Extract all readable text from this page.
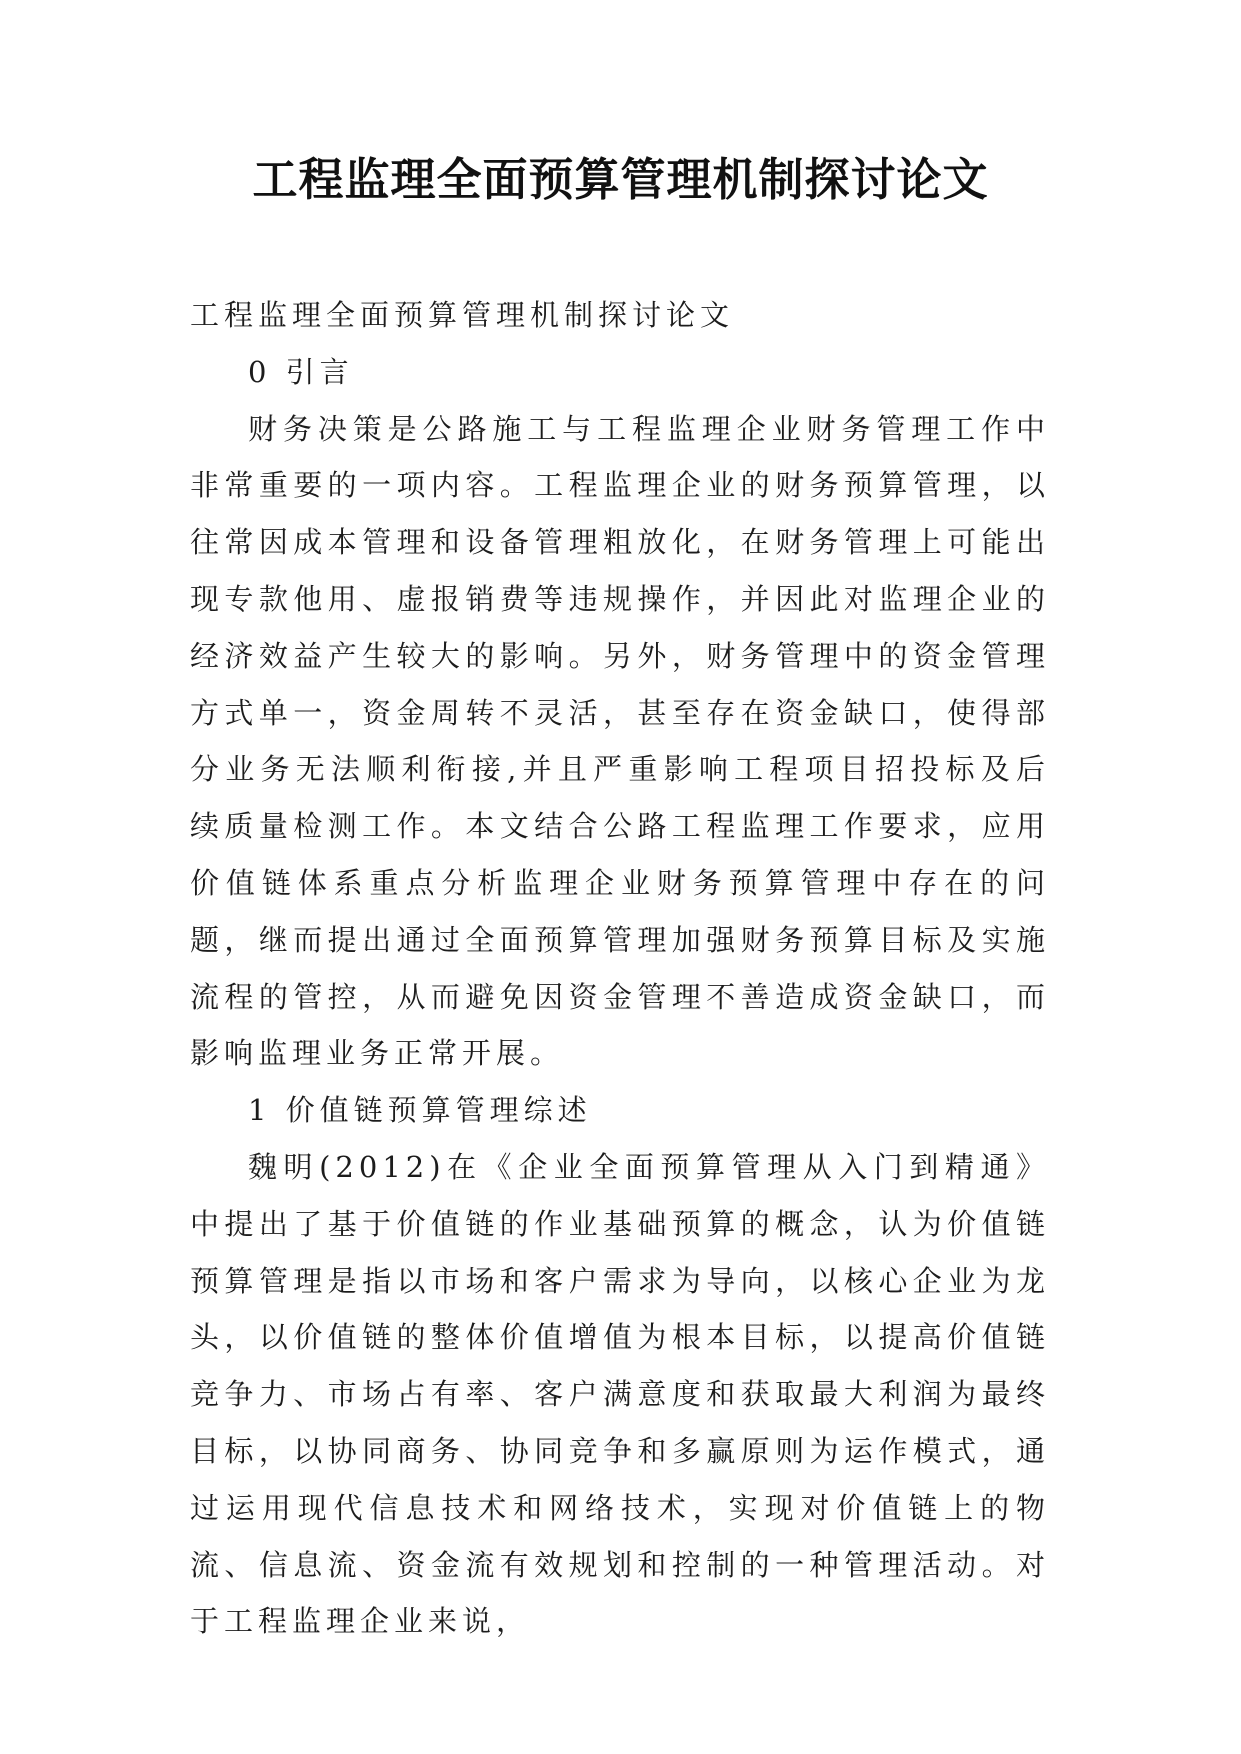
工程监理全面预算管理机制探讨论文

工程监理全面预算管理机制探讨论文

0 引言

财务决策是公路施工与工程监理企业财务管理工作中非常重要的一项内容。工程监理企业的财务预算管理，以往常因成本管理和设备管理粗放化，在财务管理上可能出现专款他用、虚报销费等违规操作，并因此对监理企业的经济效益产生较大的影响。另外，财务管理中的资金管理方式单一，资金周转不灵活，甚至存在资金缺口，使得部分业务无法顺利衔接,并且严重影响工程项目招投标及后续质量检测工作。本文结合公路工程监理工作要求，应用价值链体系重点分析监理企业财务预算管理中存在的问题，继而提出通过全面预算管理加强财务预算目标及实施流程的管控，从而避免因资金管理不善造成资金缺口，而影响监理业务正常开展。

1 价值链预算管理综述

魏明(2012)在《企业全面预算管理从入门到精通》中提出了基于价值链的作业基础预算的概念，认为价值链预算管理是指以市场和客户需求为导向，以核心企业为龙头，以价值链的整体价值增值为根本目标，以提高价值链竞争力、市场占有率、客户满意度和获取最大利润为最终目标，以协同商务、协同竞争和多赢原则为运作模式，通过运用现代信息技术和网络技术，实现对价值链上的物流、信息流、资金流有效规划和控制的一种管理活动。对于工程监理企业来说，
